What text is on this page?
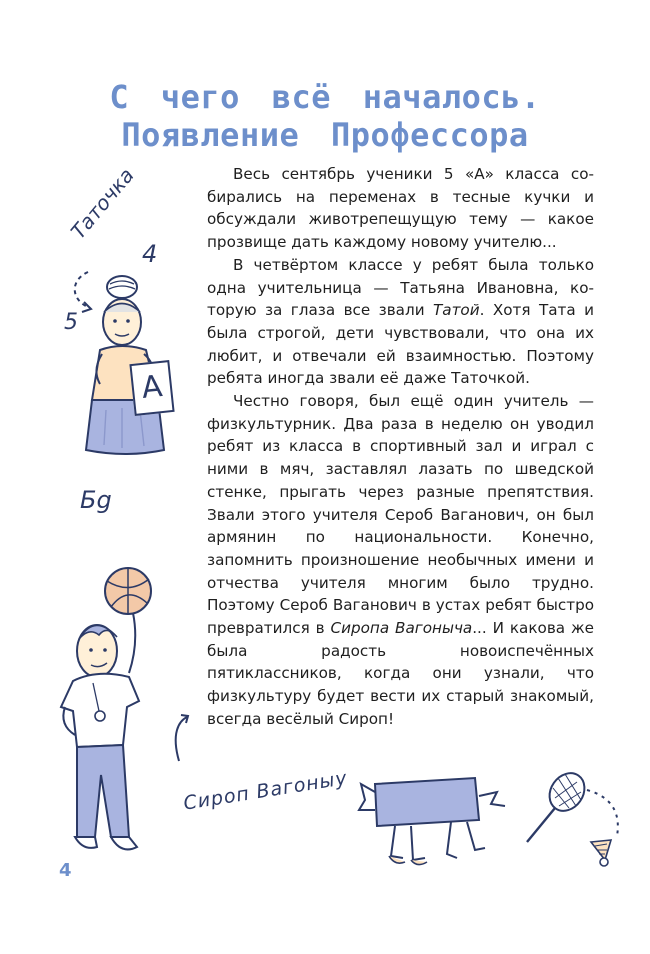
С чего всё началось.
Появление Профессора

Весь сентябрь ученики 5 «А» класса собирались на переменах в тесные кучки и обсуждали животрепещущую тему — какое прозвище дать каждому новому учителю...

В четвёртом классе у ребят была только одна учительница — Татьяна Ивановна, которую за глаза все звали Татой. Хотя Тата и была строгой, дети чувствовали, что она их любит, и отвечали ей взаимностью. Поэтому ребята иногда звали её даже Таточкой.

Честно говоря, был ещё один учитель — физкультурник. Два раза в неделю он уводил ребят из класса в спортивный зал и играл с ними в мяч, заставлял лазать по шведской стенке, прыгать через разные препятствия. Звали этого учителя Сероб Ваганович, он был армянин по национальности. Конечно, запомнить произношение необычных имени и отчества учителя многим было трудно. Поэтому Сероб Ваганович в устах ребят быстро превратился в Сиропа Вагоныча... И какова же была радость новоиспечённых пятиклассников, когда они узнали, что физкультуру будет вести их старый знакомый, всегда весёлый Сироп!

Таточка
4
5
Бg
А
Сироп Вагоныу
4
